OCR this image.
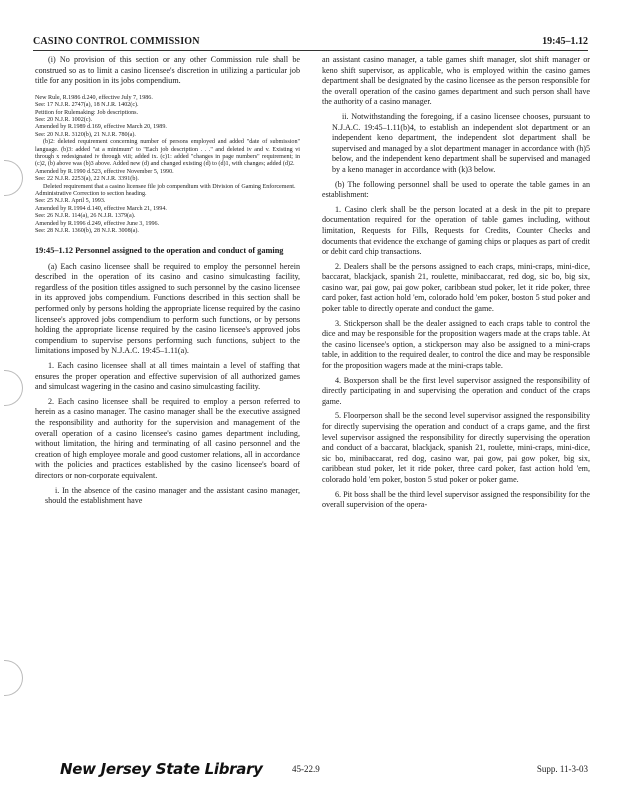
CASINO CONTROL COMMISSION	19:45–1.12

(i) No provision of this section or any other Commission rule shall be construed so as to limit a casino licensee's discretion in utilizing a particular job title for any position in its jobs compendium.

New Rule, R.1986 d.240, effective July 7, 1986.
See: 17 N.J.R. 2747(a), 18 N.J.R. 1402(c).
Petition for Rulemaking: Job descriptions.
See: 20 N.J.R. 1002(c).
Amended by R.1989 d.169, effective March 20, 1989.
See: 20 N.J.R. 3120(b), 21 N.J.R. 780(a).
(b)2: deleted requirement concerning number of persons employed and added "date of submission" language. (b)3: added "at a minimum" to "Each job description . . ." and deleted iv and v. Existing vi through x redesignated iv through viii; added ix. (c)1: added "changes in page numbers" requirement; in (c)2, (b) above was (b)3 above. Added new (d) and changed existing (d) to (d)1, with changes; added (d)2.
Amended by R.1990 d.523, effective November 5, 1990.
See: 22 N.J.R. 2253(a), 22 N.J.R. 3391(b).
Deleted requirement that a casino licensee file job compendium with Division of Gaming Enforcement.
Administrative Correction to section heading.
See: 25 N.J.R. April 5, 1993.
Amended by R.1994 d.140, effective March 21, 1994.
See: 26 N.J.R. 114(a), 26 N.J.R. 1379(a).
Amended by R.1996 d.249, effective June 3, 1996.
See: 28 N.J.R. 1360(b), 28 N.J.R. 3008(a).
19:45–1.12 Personnel assigned to the operation and conduct of gaming

(a) Each casino licensee shall be required to employ the personnel herein described in the operation of its casino and casino simulcasting facility, regardless of the position titles assigned to such personnel by the casino licensee in its approved jobs compendium. Functions described in this section shall be performed only by persons holding the appropriate license required by the casino licensee's approved jobs compendium to perform such functions, or by persons holding the appropriate license required by the casino licensee's approved jobs compendium to supervise persons performing such functions, subject to the limitations imposed by N.J.A.C. 19:45–1.11(a).

1. Each casino licensee shall at all times maintain a level of staffing that ensures the proper operation and effective supervision of all authorized games and simulcast wagering in the casino and casino simulcasting facility.

2. Each casino licensee shall be required to employ a person referred to herein as a casino manager. The casino manager shall be the executive assigned the responsibility and authority for the supervision and management of the overall operation of a casino licensee's casino games department including, without limitation, the hiring and terminating of all casino personnel and the creation of high employee morale and good customer relations, all in accordance with the policies and practices established by the casino licensee's board of directors or non-corporate equivalent.

i. In the absence of the casino manager and the assistant casino manager, should the establishment have

an assistant casino manager, a table games shift manager, slot shift manager or keno shift supervisor, as applicable, who is employed within the casino games department shall be designated by the casino licensee as the person responsible for the overall operation of the casino games department and such person shall have the authority of a casino manager.

ii. Notwithstanding the foregoing, if a casino licensee chooses, pursuant to N.J.A.C. 19:45–1.11(b)4, to establish an independent slot department or an independent keno department, the independent slot department shall be supervised and managed by a slot department manager in accordance with (h)5 below, and the independent keno department shall be supervised and managed by a keno manager in accordance with (k)3 below.

(b) The following personnel shall be used to operate the table games in an establishment:

1. Casino clerk shall be the person located at a desk in the pit to prepare documentation required for the operation of table games including, without limitation, Requests for Fills, Requests for Credits, Counter Checks and documents that evidence the exchange of gaming chips or plaques as part of credit or debit card chip transactions.

2. Dealers shall be the persons assigned to each craps, mini-craps, mini-dice, baccarat, blackjack, spanish 21, roulette, minibaccarat, red dog, sic bo, big six, casino war, pai gow, pai gow poker, caribbean stud poker, let it ride poker, three card poker, fast action hold 'em, colorado hold 'em poker, boston 5 stud poker and poker table to directly operate and conduct the game.

3. Stickperson shall be the dealer assigned to each craps table to control the dice and may be responsible for the proposition wagers made at the craps table. At the casino licensee's option, a stickperson may also be assigned to a mini-craps table, in addition to the required dealer, to control the dice and may be responsible for the proposition wagers made at the mini-craps table.

4. Boxperson shall be the first level supervisor assigned the responsibility of directly participating in and supervising the operation and conduct of the craps game.

5. Floorperson shall be the second level supervisor assigned the responsibility for directly supervising the operation and conduct of a craps game, and the first level supervisor assigned the responsibility for directly supervising the operation and conduct of a baccarat, blackjack, spanish 21, roulette, mini-craps, mini-dice, sic bo, minibaccarat, red dog, casino war, pai gow, pai gow poker, big six, caribbean stud poker, let it ride poker, three card poker, fast action hold 'em, colorado hold 'em poker, boston 5 stud poker or poker game.

6. Pit boss shall be the third level supervisor assigned the responsibility for the overall supervision of the opera-

New Jersey State Library	45-22.9	Supp. 11-3-03
